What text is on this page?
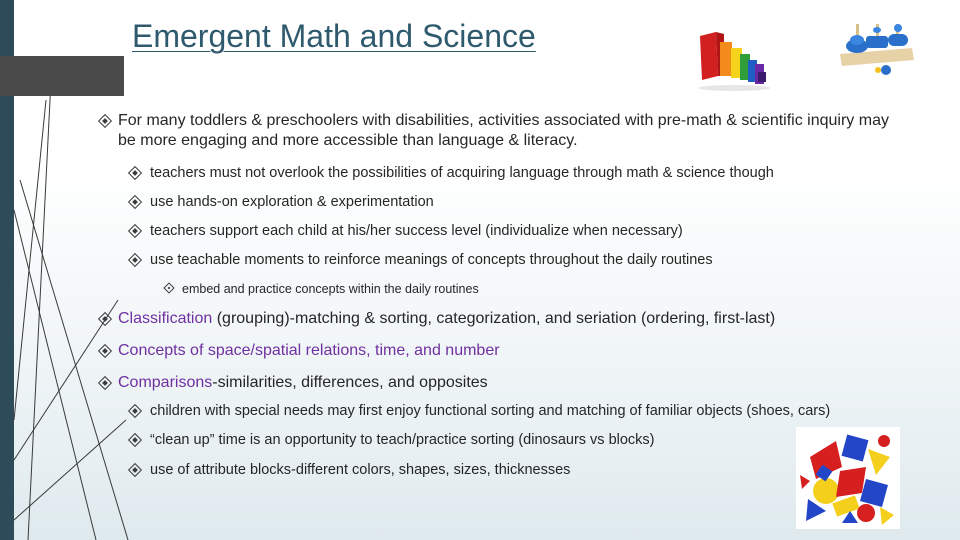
Emergent Math and Science

For many toddlers & preschoolers with disabilities, activities associated with pre-math & scientific inquiry may be more engaging and more accessible than language & literacy.

teachers must not overlook the possibilities of acquiring language through math & science though

use hands-on exploration & experimentation

teachers support each child at his/her success level (individualize when necessary)

use teachable moments to reinforce meanings of concepts throughout the daily routines

embed and practice concepts within the daily routines

Classification (grouping)-matching & sorting, categorization, and seriation (ordering, first-last)

Concepts of space/spatial relations, time, and number

Comparisons-similarities, differences, and opposites

children with special needs may first enjoy functional sorting and matching of familiar objects (shoes, cars)

“clean up” time is an opportunity to teach/practice sorting (dinosaurs vs blocks)

use of attribute blocks-different colors, shapes, sizes, thicknesses
